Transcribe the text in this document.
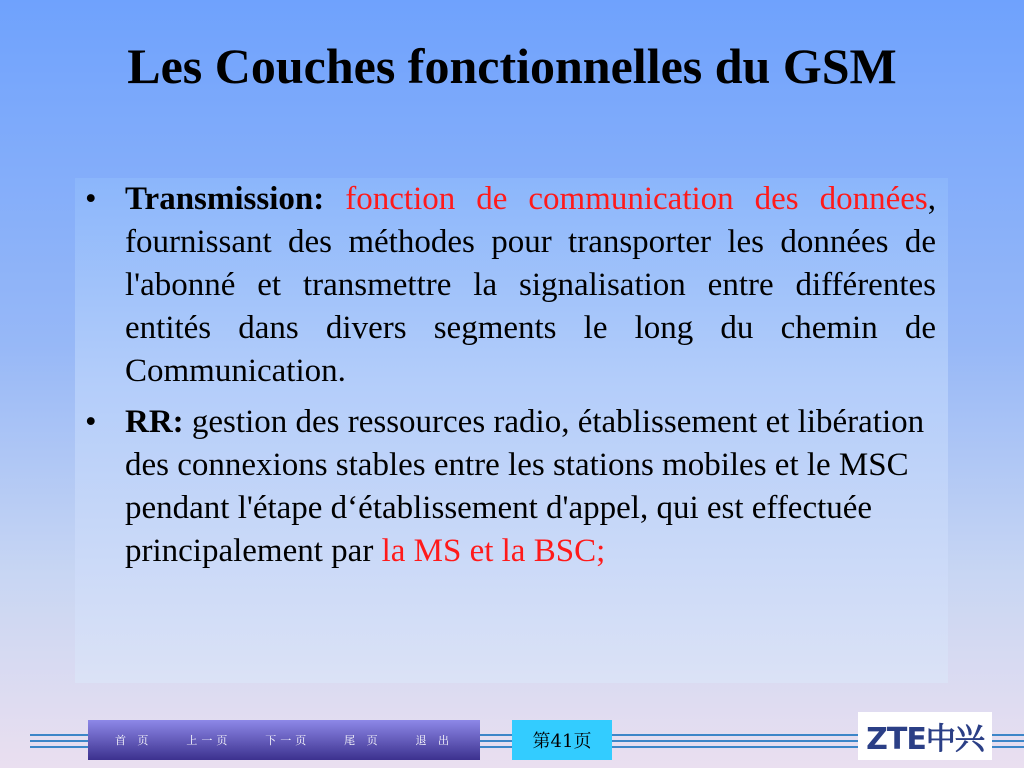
Les Couches fonctionnelles du GSM
• Transmission: fonction de communication des données, fournissant des méthodes pour transporter les données de l'abonné et transmettre la signalisation entre différentes entités dans divers segments le long du chemin de Communication.
• RR: gestion des ressources radio, établissement et libération des connexions stables entre les stations mobiles et le MSC pendant l'étape d‘établissement d'appel, qui est effectuée principalement par la MS et la BSC;
首 页	上一页	下一页	尾 页	退 出	第41页	ZTE中兴
